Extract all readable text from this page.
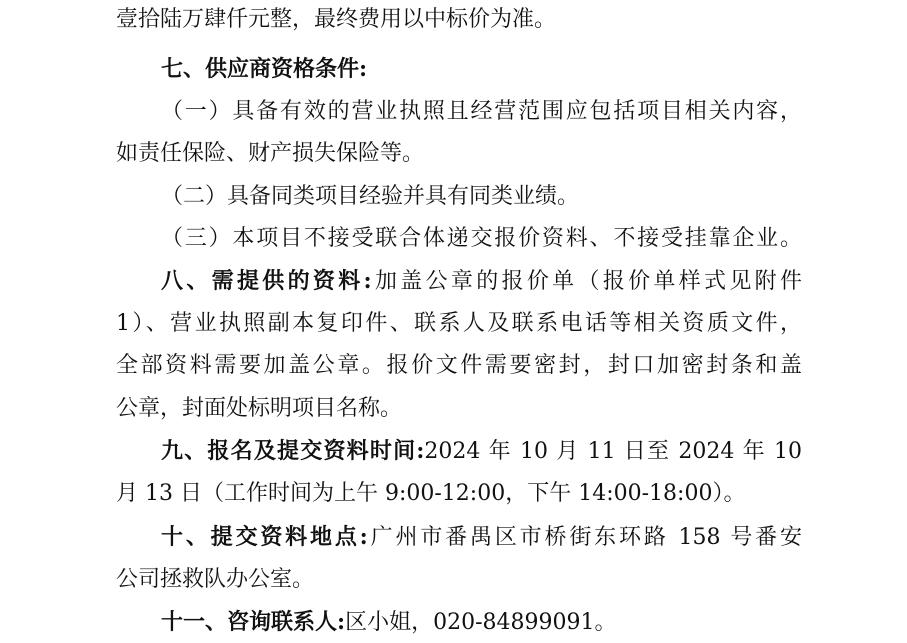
壹拾陆万肆仟元整，最终费用以中标价为准。
七、供应商资格条件:
（一）具备有效的营业执照且经营范围应包括项目相关内容，
如责任保险、财产损失保险等。
（二）具备同类项目经验并具有同类业绩。
（三）本项目不接受联合体递交报价资料、不接受挂靠企业。
八、需提供的资料:加盖公章的报价单（报价单样式见附件
1）、营业执照副本复印件、联系人及联系电话等相关资质文件，
全部资料需要加盖公章。报价文件需要密封，封口加密封条和盖
公章，封面处标明项目名称。
九、报名及提交资料时间:2024 年 10 月 11 日至 2024 年 10
月 13 日（工作时间为上午 9:00-12:00，下午 14:00-18:00）。
十、提交资料地点:广州市番禺区市桥街东环路 158 号番安
公司拯救队办公室。
十一、咨询联系人:区小姐，020-84899091。
